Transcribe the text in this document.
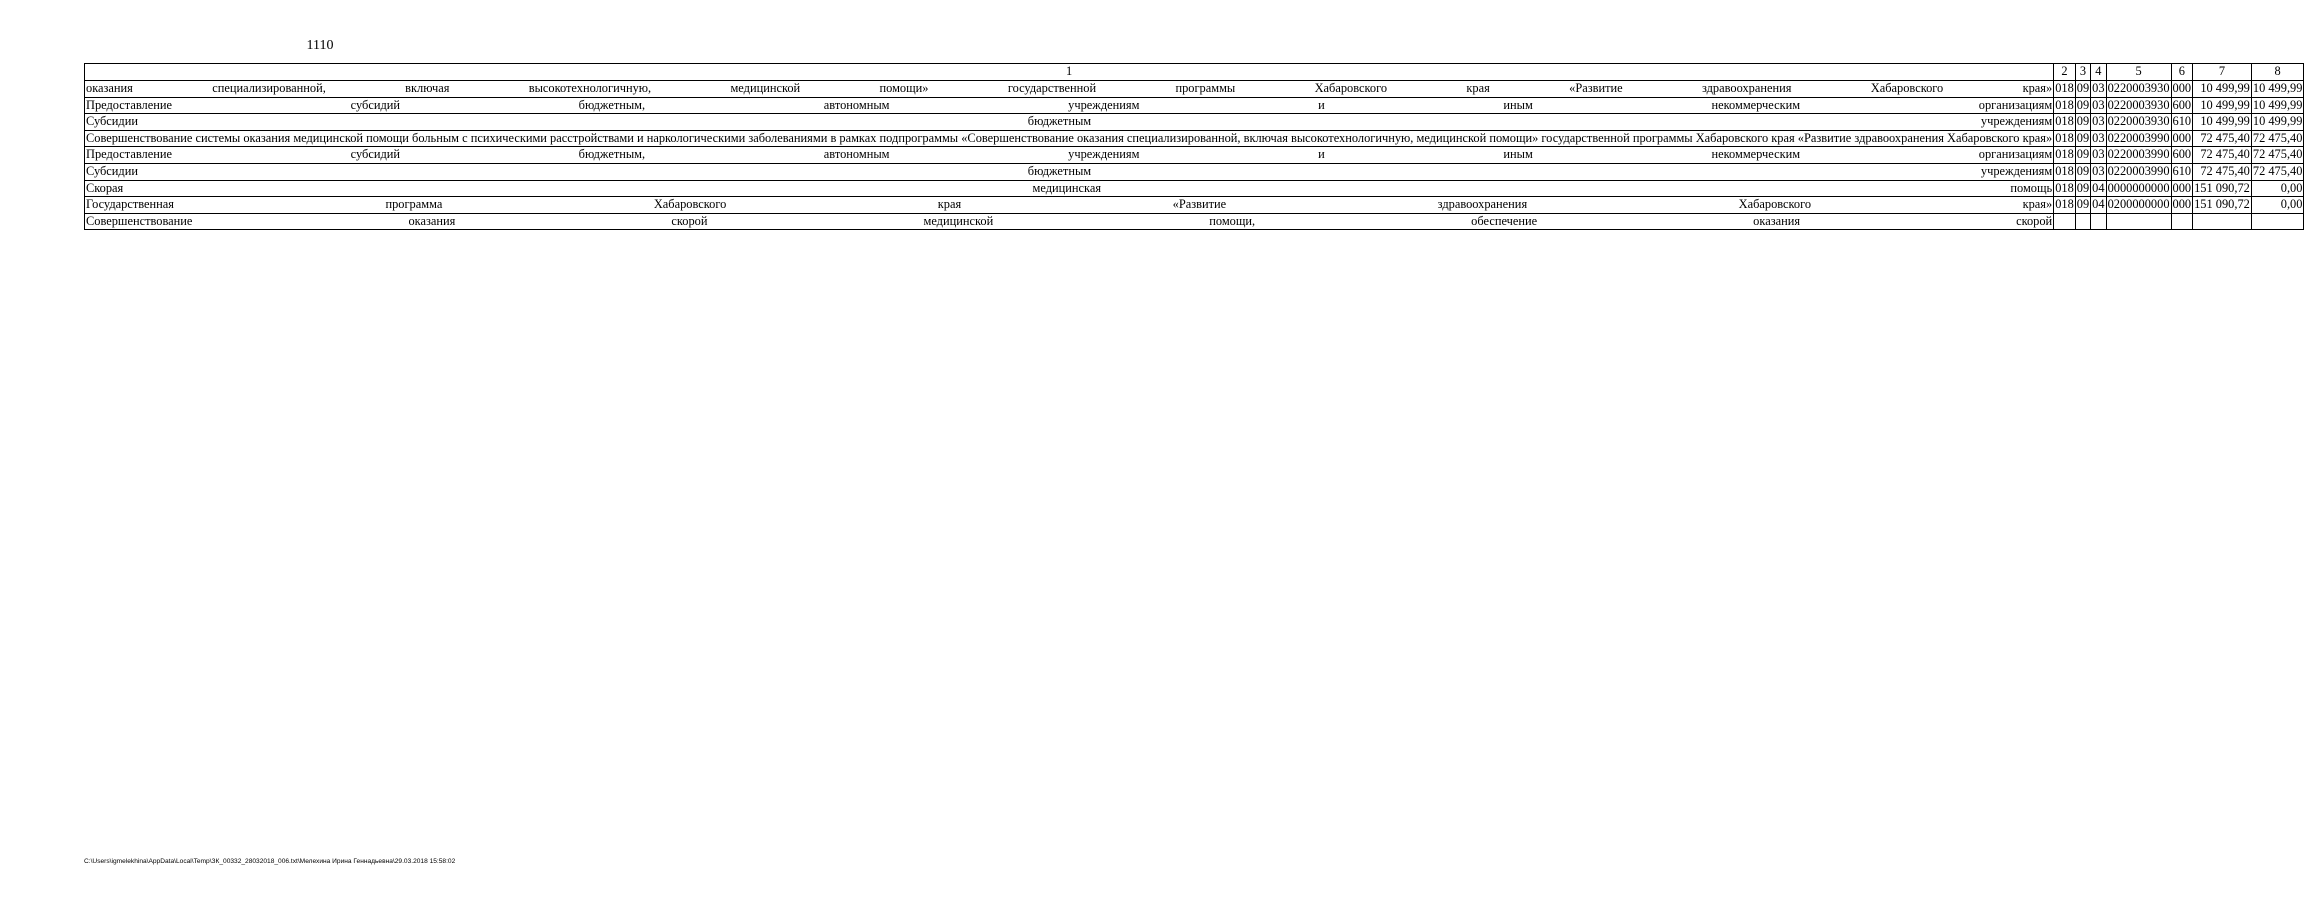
1110
1	2	3	4	5	6	7	8
оказания специализированной, включая высокотехнологичную, медицинской помощи» государственной программы Хабаровского края «Развитие здравоохранения Хабаровского края»	018	09	03	0220003930	000	10 499,99	10 499,99
Предоставление субсидий бюджетным, автономным учреждениям и иным некоммерческим организациям	018	09	03	0220003930	600	10 499,99	10 499,99
Субсидии бюджетным учреждениям	018	09	03	0220003930	610	10 499,99	10 499,99
Совершенствование системы оказания медицинской помощи больным с психическими расстройствами и наркологическими заболеваниями в рамках подпрограммы «Совершенствование оказания специализированной, включая высокотехнологичную, медицинской помощи» государственной программы Хабаровского края «Развитие здравоохранения Хабаровского края»	018	09	03	0220003990	000	72 475,40	72 475,40
Предоставление субсидий бюджетным, автономным учреждениям и иным некоммерческим организациям	018	09	03	0220003990	600	72 475,40	72 475,40
Субсидии бюджетным учреждениям	018	09	03	0220003990	610	72 475,40	72 475,40
Скорая медицинская помощь	018	09	04	0000000000	000	151 090,72	0,00
Государственная программа Хабаровского края «Развитие здравоохранения Хабаровского края»	018	09	04	0200000000	000	151 090,72	0,00
Совершенствование оказания скорой медицинской помощи, обеспечение оказания скорой							
C:\Users\igmelekhina\AppData\Local\Temp\ЗК_00332_28032018_006.txt\Мелехина Ирина Геннадьевна\29.03.2018 15:58:02
